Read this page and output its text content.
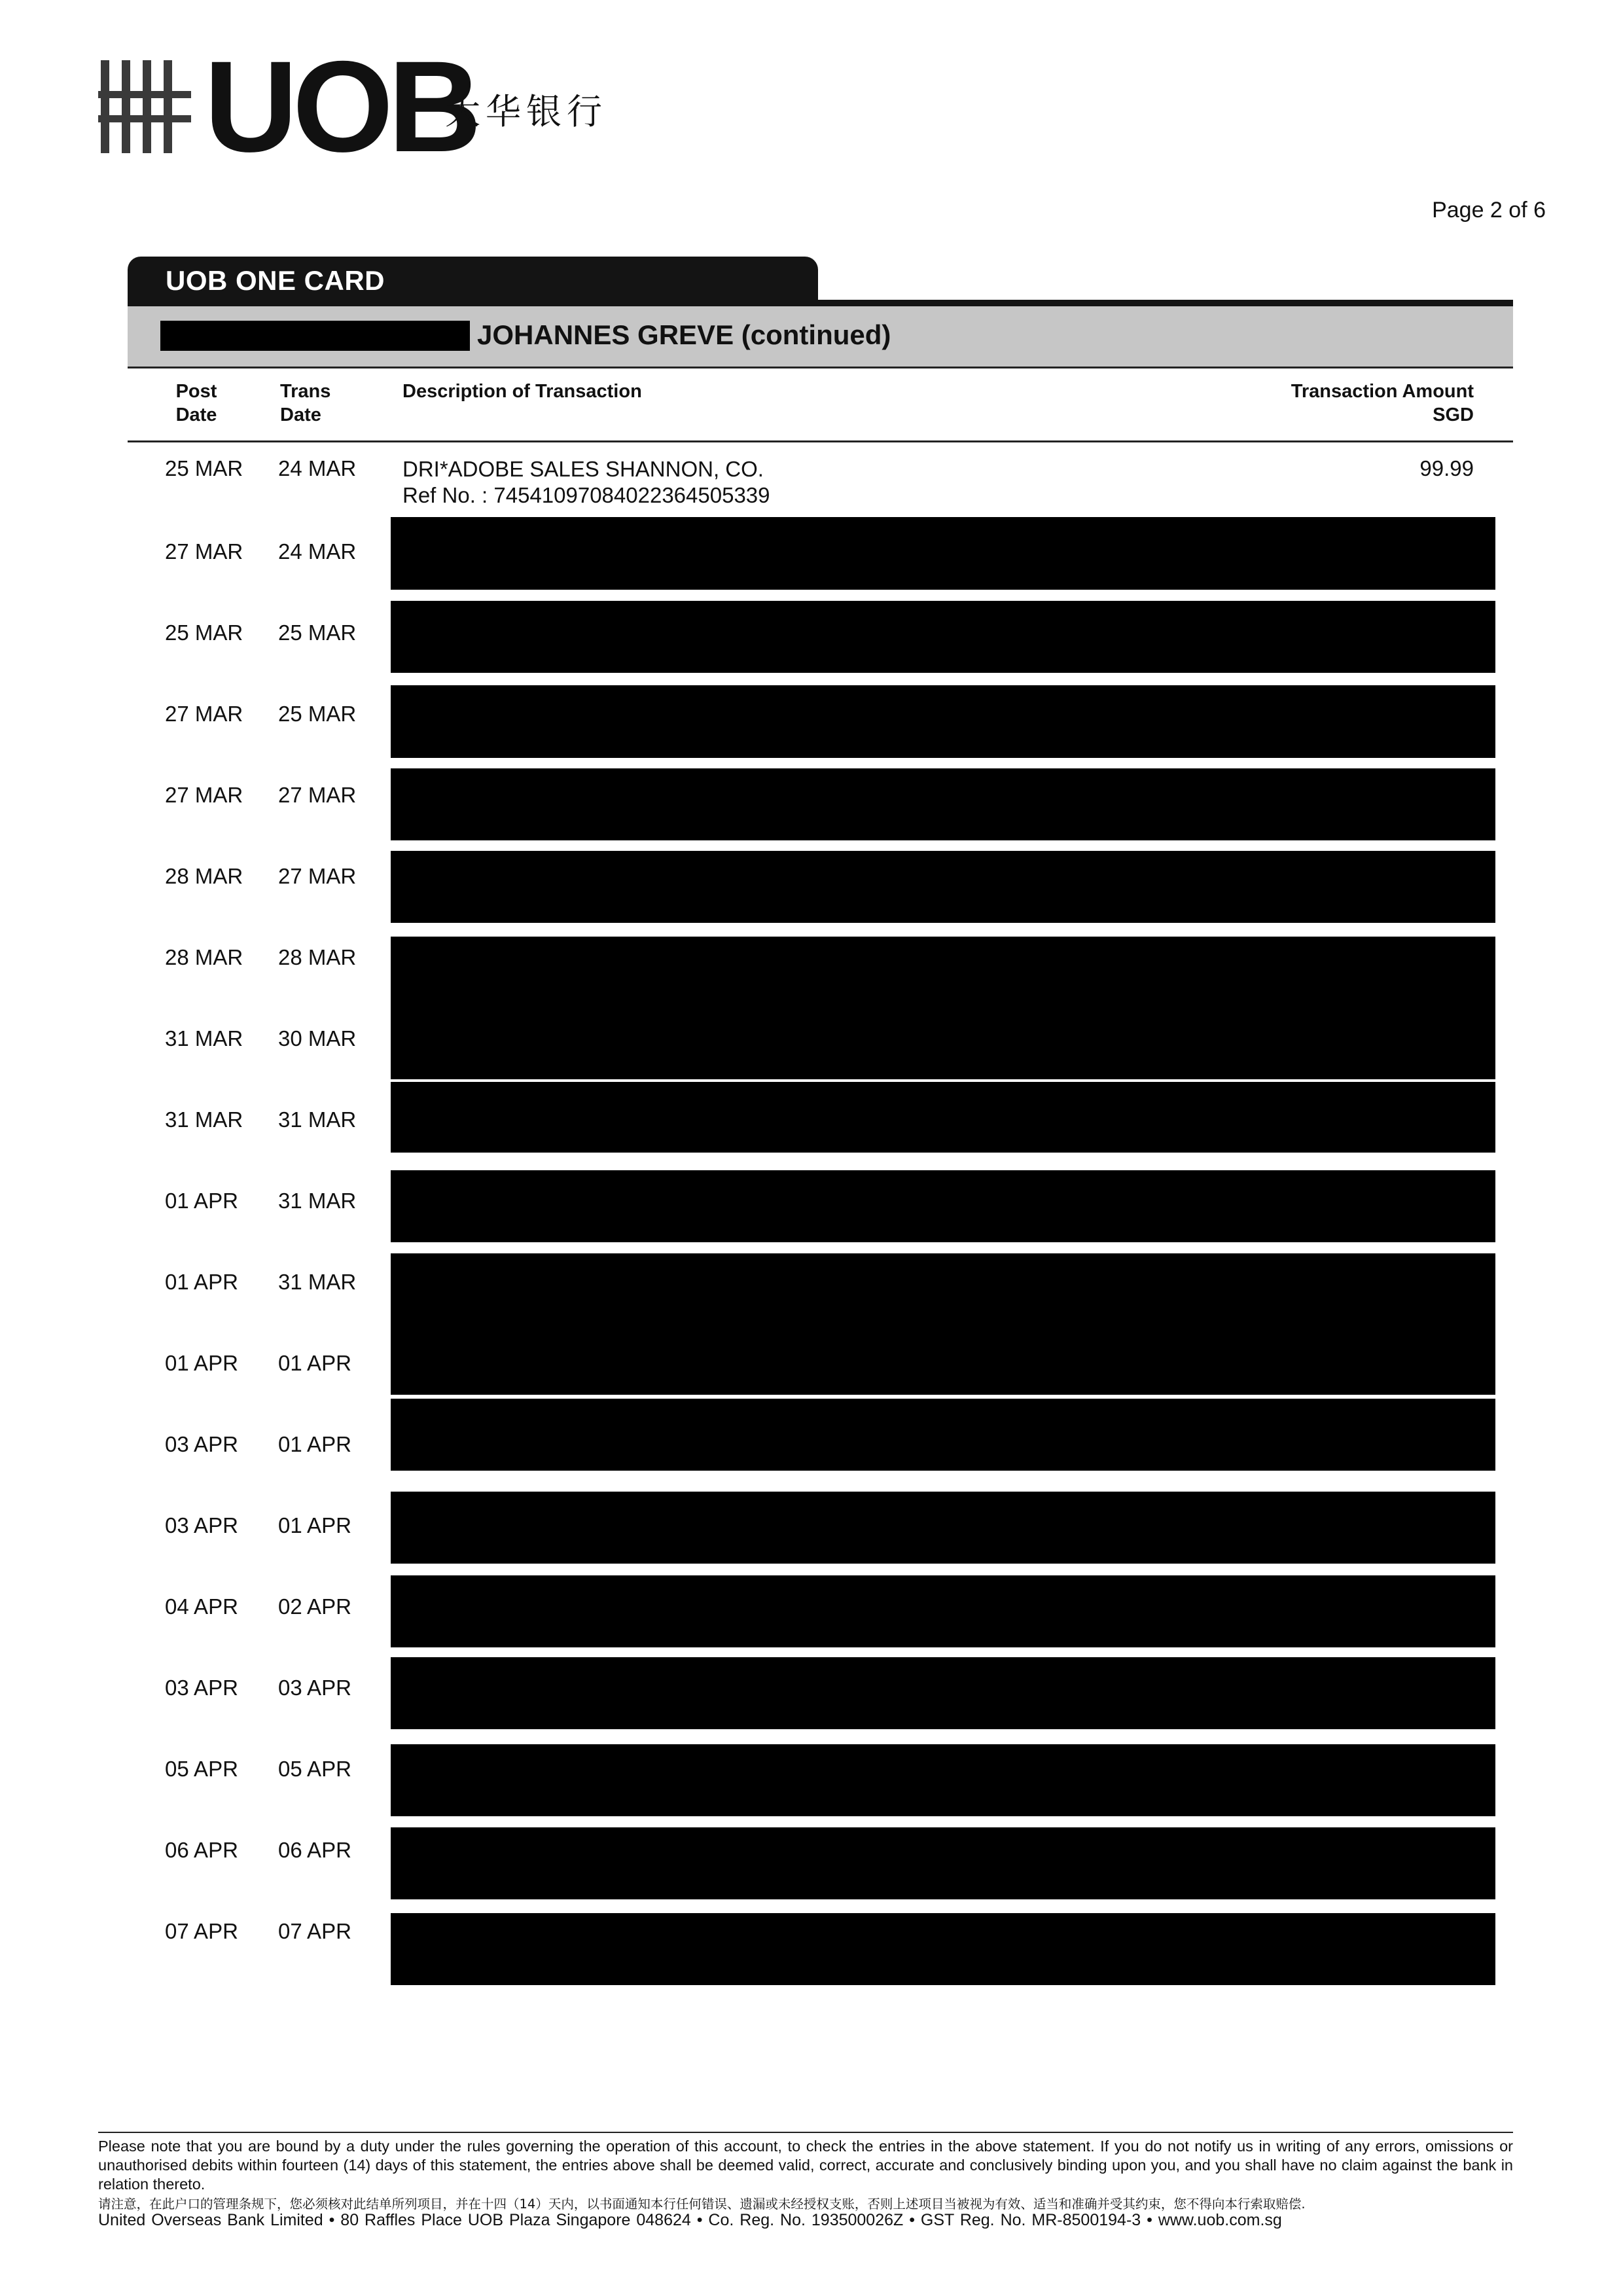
UOB
大华银行
Page 2 of 6
UOB ONE CARD
JOHANNES GREVE (continued)
Post
Date
Trans
Date
Description of Transaction	Transaction Amount
SGD
25 MAR 24 MAR DRI*ADOBE SALES SHANNON, CO.
Ref No. : 74541097084022364505339
99.99
27 MAR 24 MAR
25 MAR 25 MAR
27 MAR 25 MAR
27 MAR 27 MAR
28 MAR 27 MAR
28 MAR 28 MAR
31 MAR 30 MAR
31 MAR 31 MAR
01 APR 31 MAR
01 APR 31 MAR
01 APR 01 APR
03 APR 01 APR
03 APR 01 APR
04 APR 02 APR
03 APR 03 APR
05 APR 05 APR
06 APR 06 APR
07 APR 07 APR
Please note that you are bound by a duty under the rules governing the operation of this account, to check the entries in the above statement. If you do not notify us in writing of any errors, omissions or unauthorised debits within fourteen (14) days of this statement, the entries above shall be deemed valid, correct, accurate and conclusively binding upon you, and you shall have no claim against the bank in relation thereto.
请注意，在此户口的管理条规下，您必须核对此结单所列项目，并在十四（14）天内，以书面通知本行任何错误、遗漏或未经授权支账，否则上述项目当被视为有效、适当和准确并受其约束，您不得向本行索取赔偿.
United Overseas Bank Limited • 80 Raffles Place UOB Plaza Singapore 048624 • Co. Reg. No. 193500026Z • GST Reg. No. MR-8500194-3 • www.uob.com.sg
